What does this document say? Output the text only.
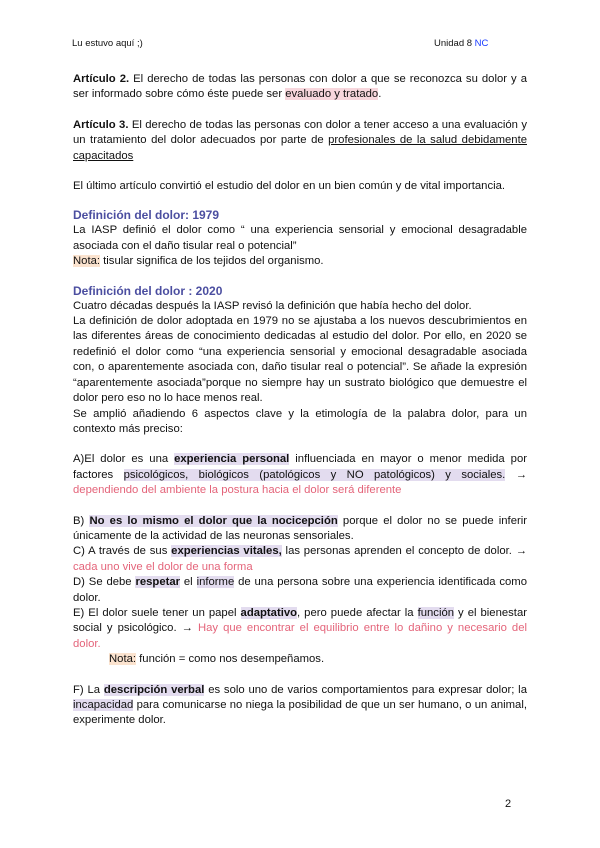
Lu estuvo aquí ;)	Unidad 8 NC

Artículo 2. El derecho de todas las personas con dolor a que se reconozca su dolor y a ser informado sobre cómo éste puede ser evaluado y tratado.

Artículo 3. El derecho de todas las personas con dolor a tener acceso a una evaluación y un tratamiento del dolor adecuados por parte de profesionales de la salud debidamente capacitados

El último artículo convirtió el estudio del dolor en un bien común y de vital importancia.

Definición del dolor: 1979

La IASP definió el dolor como “ una experiencia sensorial y emocional desagradable asociada con el daño tisular real o potencial”

Nota: tisular significa de los tejidos del organismo.

Definición del dolor : 2020

Cuatro décadas después la IASP revisó la definición que había hecho del dolor.

La definición de dolor adoptada en 1979 no se ajustaba a los nuevos descubrimientos en las diferentes áreas de conocimiento dedicadas al estudio del dolor. Por ello, en 2020 se redefinió el dolor como “una experiencia sensorial y emocional desagradable asociada con, o aparentemente asociada con, daño tisular real o potencial”. Se añade la expresión “aparentemente asociada”porque no siempre hay un sustrato biológico que demuestre el dolor pero eso no lo hace menos real.

Se amplió añadiendo 6 aspectos clave y la etimología de la palabra dolor, para un contexto más preciso:

A)El dolor es una experiencia personal influenciada en mayor o menor medida por factores psicológicos, biológicos (patológicos y NO patológicos) y sociales. → dependiendo del ambiente la postura hacia el dolor será diferente

B) No es lo mismo el dolor que la nocicepción porque el dolor no se puede inferir únicamente de la actividad de las neuronas sensoriales.

C) A través de sus experiencias vitales, las personas aprenden el concepto de dolor. → cada uno vive el dolor de una forma

D) Se debe respetar el informe de una persona sobre una experiencia identificada como dolor.

E) El dolor suele tener un papel adaptativo, pero puede afectar la función y el bienestar social y psicológico. → Hay que encontrar el equilibrio entre lo dañino y necesario del dolor.

Nota: función = como nos desempeñamos.

F) La descripción verbal es solo uno de varios comportamientos para expresar dolor; la incapacidad para comunicarse no niega la posibilidad de que un ser humano, o un animal, experimente dolor.

2
